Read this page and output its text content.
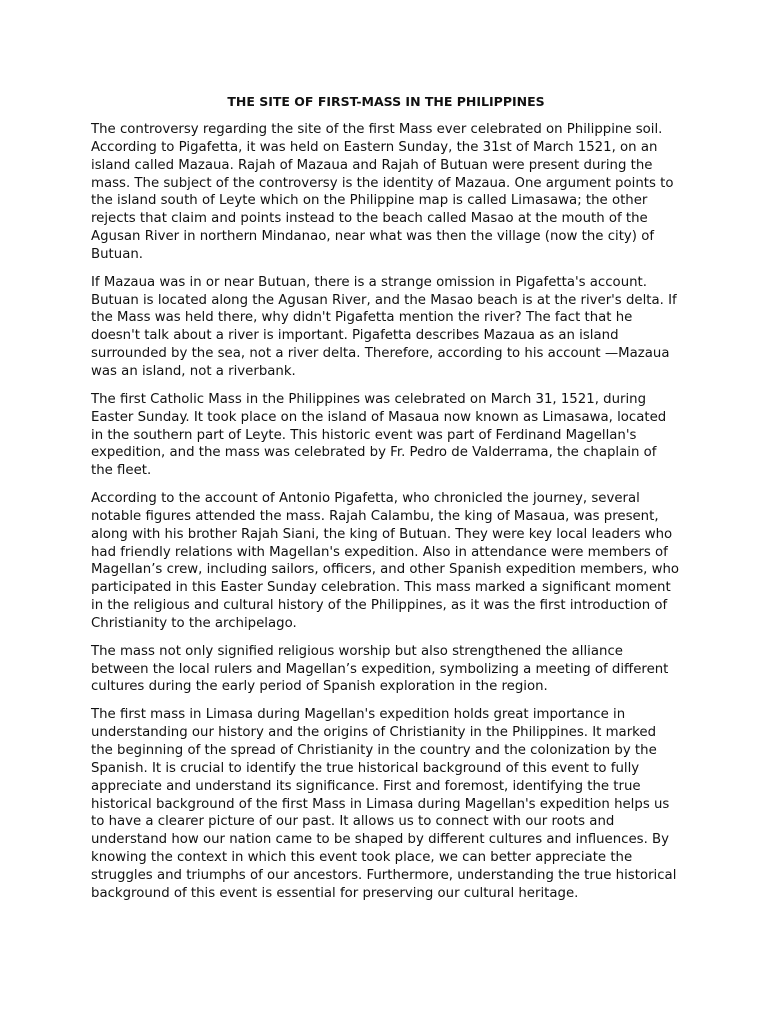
THE SITE OF FIRST-MASS IN THE PHILIPPINES

The controversy regarding the site of the first Mass ever celebrated on Philippine soil. According to Pigafetta, it was held on Eastern Sunday, the 31st of March 1521, on an island called Mazaua. Rajah of Mazaua and Rajah of Butuan were present during the mass. The subject of the controversy is the identity of Mazaua. One argument points to the island south of Leyte which on the Philippine map is called Limasawa; the other rejects that claim and points instead to the beach called Masao at the mouth of the Agusan River in northern Mindanao, near what was then the village (now the city) of Butuan.

If Mazaua was in or near Butuan, there is a strange omission in Pigafetta's account. Butuan is located along the Agusan River, and the Masao beach is at the river's delta. If the Mass was held there, why didn't Pigafetta mention the river? The fact that he doesn't talk about a river is important. Pigafetta describes Mazaua as an island surrounded by the sea, not a river delta. Therefore, according to his account —Mazaua was an island, not a riverbank.

The first Catholic Mass in the Philippines was celebrated on March 31, 1521, during Easter Sunday. It took place on the island of Masaua now known as Limasawa, located in the southern part of Leyte. This historic event was part of Ferdinand Magellan's expedition, and the mass was celebrated by Fr. Pedro de Valderrama, the chaplain of the fleet.

According to the account of Antonio Pigafetta, who chronicled the journey, several notable figures attended the mass. Rajah Calambu, the king of Masaua, was present, along with his brother Rajah Siani, the king of Butuan. They were key local leaders who had friendly relations with Magellan's expedition. Also in attendance were members of Magellan’s crew, including sailors, officers, and other Spanish expedition members, who participated in this Easter Sunday celebration. This mass marked a significant moment in the religious and cultural history of the Philippines, as it was the first introduction of Christianity to the archipelago.

The mass not only signified religious worship but also strengthened the alliance between the local rulers and Magellan’s expedition, symbolizing a meeting of different cultures during the early period of Spanish exploration in the region.

The first mass in Limasa during Magellan's expedition holds great importance in understanding our history and the origins of Christianity in the Philippines. It marked the beginning of the spread of Christianity in the country and the colonization by the Spanish. It is crucial to identify the true historical background of this event to fully appreciate and understand its significance. First and foremost, identifying the true historical background of the first Mass in Limasa during Magellan's expedition helps us to have a clearer picture of our past. It allows us to connect with our roots and understand how our nation came to be shaped by different cultures and influences. By knowing the context in which this event took place, we can better appreciate the struggles and triumphs of our ancestors. Furthermore, understanding the true historical background of this event is essential for preserving our cultural heritage.
